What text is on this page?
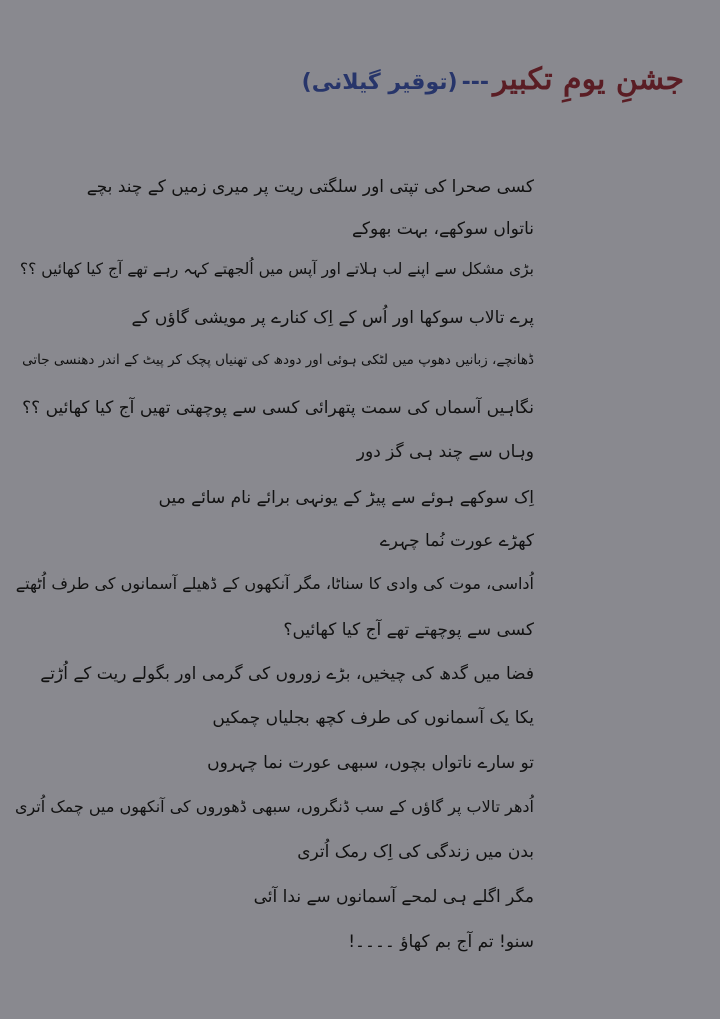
جشنِ یومِ تکبیر---(توقیر گیلانی)
کسی صحرا کی تپتی اور سلگتی ریت پر میری زمیں کے چند بچے
ناتواں سوکھے، بہت بھوکے
بڑی مشکل سے اپنے لب ہلاتے اور آپس میں اُلجھتے کہہ رہے تھے آج کیا کھائیں ؟؟
پرے تالاب سوکھا اور اُس کے اِک کنارے پر مویشی گاؤں کے
ڈھانچے، زبانیں دھوپ میں لٹکی ہوئی اور دودھ کی تھنیاں پچک کر پیٹ کے اندر دھنسی جاتی
نگاہیں آسماں کی سمت پتھرائی کسی سے پوچھتی تھیں آج کیا کھائیں ؟؟
وہاں سے چند ہی گز دور
اِک سوکھے ہوئے سے پیڑ کے یونہی برائے نام سائے میں
کھڑے عورت نُما چہرے
اُداسی، موت کی وادی کا سناٹا، مگر آنکھوں کے ڈھیلے آسمانوں کی طرف اُٹھتے
کسی سے پوچھتے تھے آج کیا کھائیں؟
فضا میں گدھ کی چیخیں، بڑے زوروں کی گرمی اور بگولے ریت کے اُڑتے
یکا یک آسمانوں کی طرف کچھ بجلیاں چمکیں
تو سارے ناتواں بچوں، سبھی عورت نما چہروں
اُدھر تالاب پر گاؤں کے سب ڈنگروں، سبھی ڈھوروں کی آنکھوں میں چمک اُتری
بدن میں زندگی کی اِک رمک اُتری
مگر اگلے ہی لمحے آسمانوں سے ندا آئی
سنو! تم آج بم کھاؤ ۔۔۔۔!
